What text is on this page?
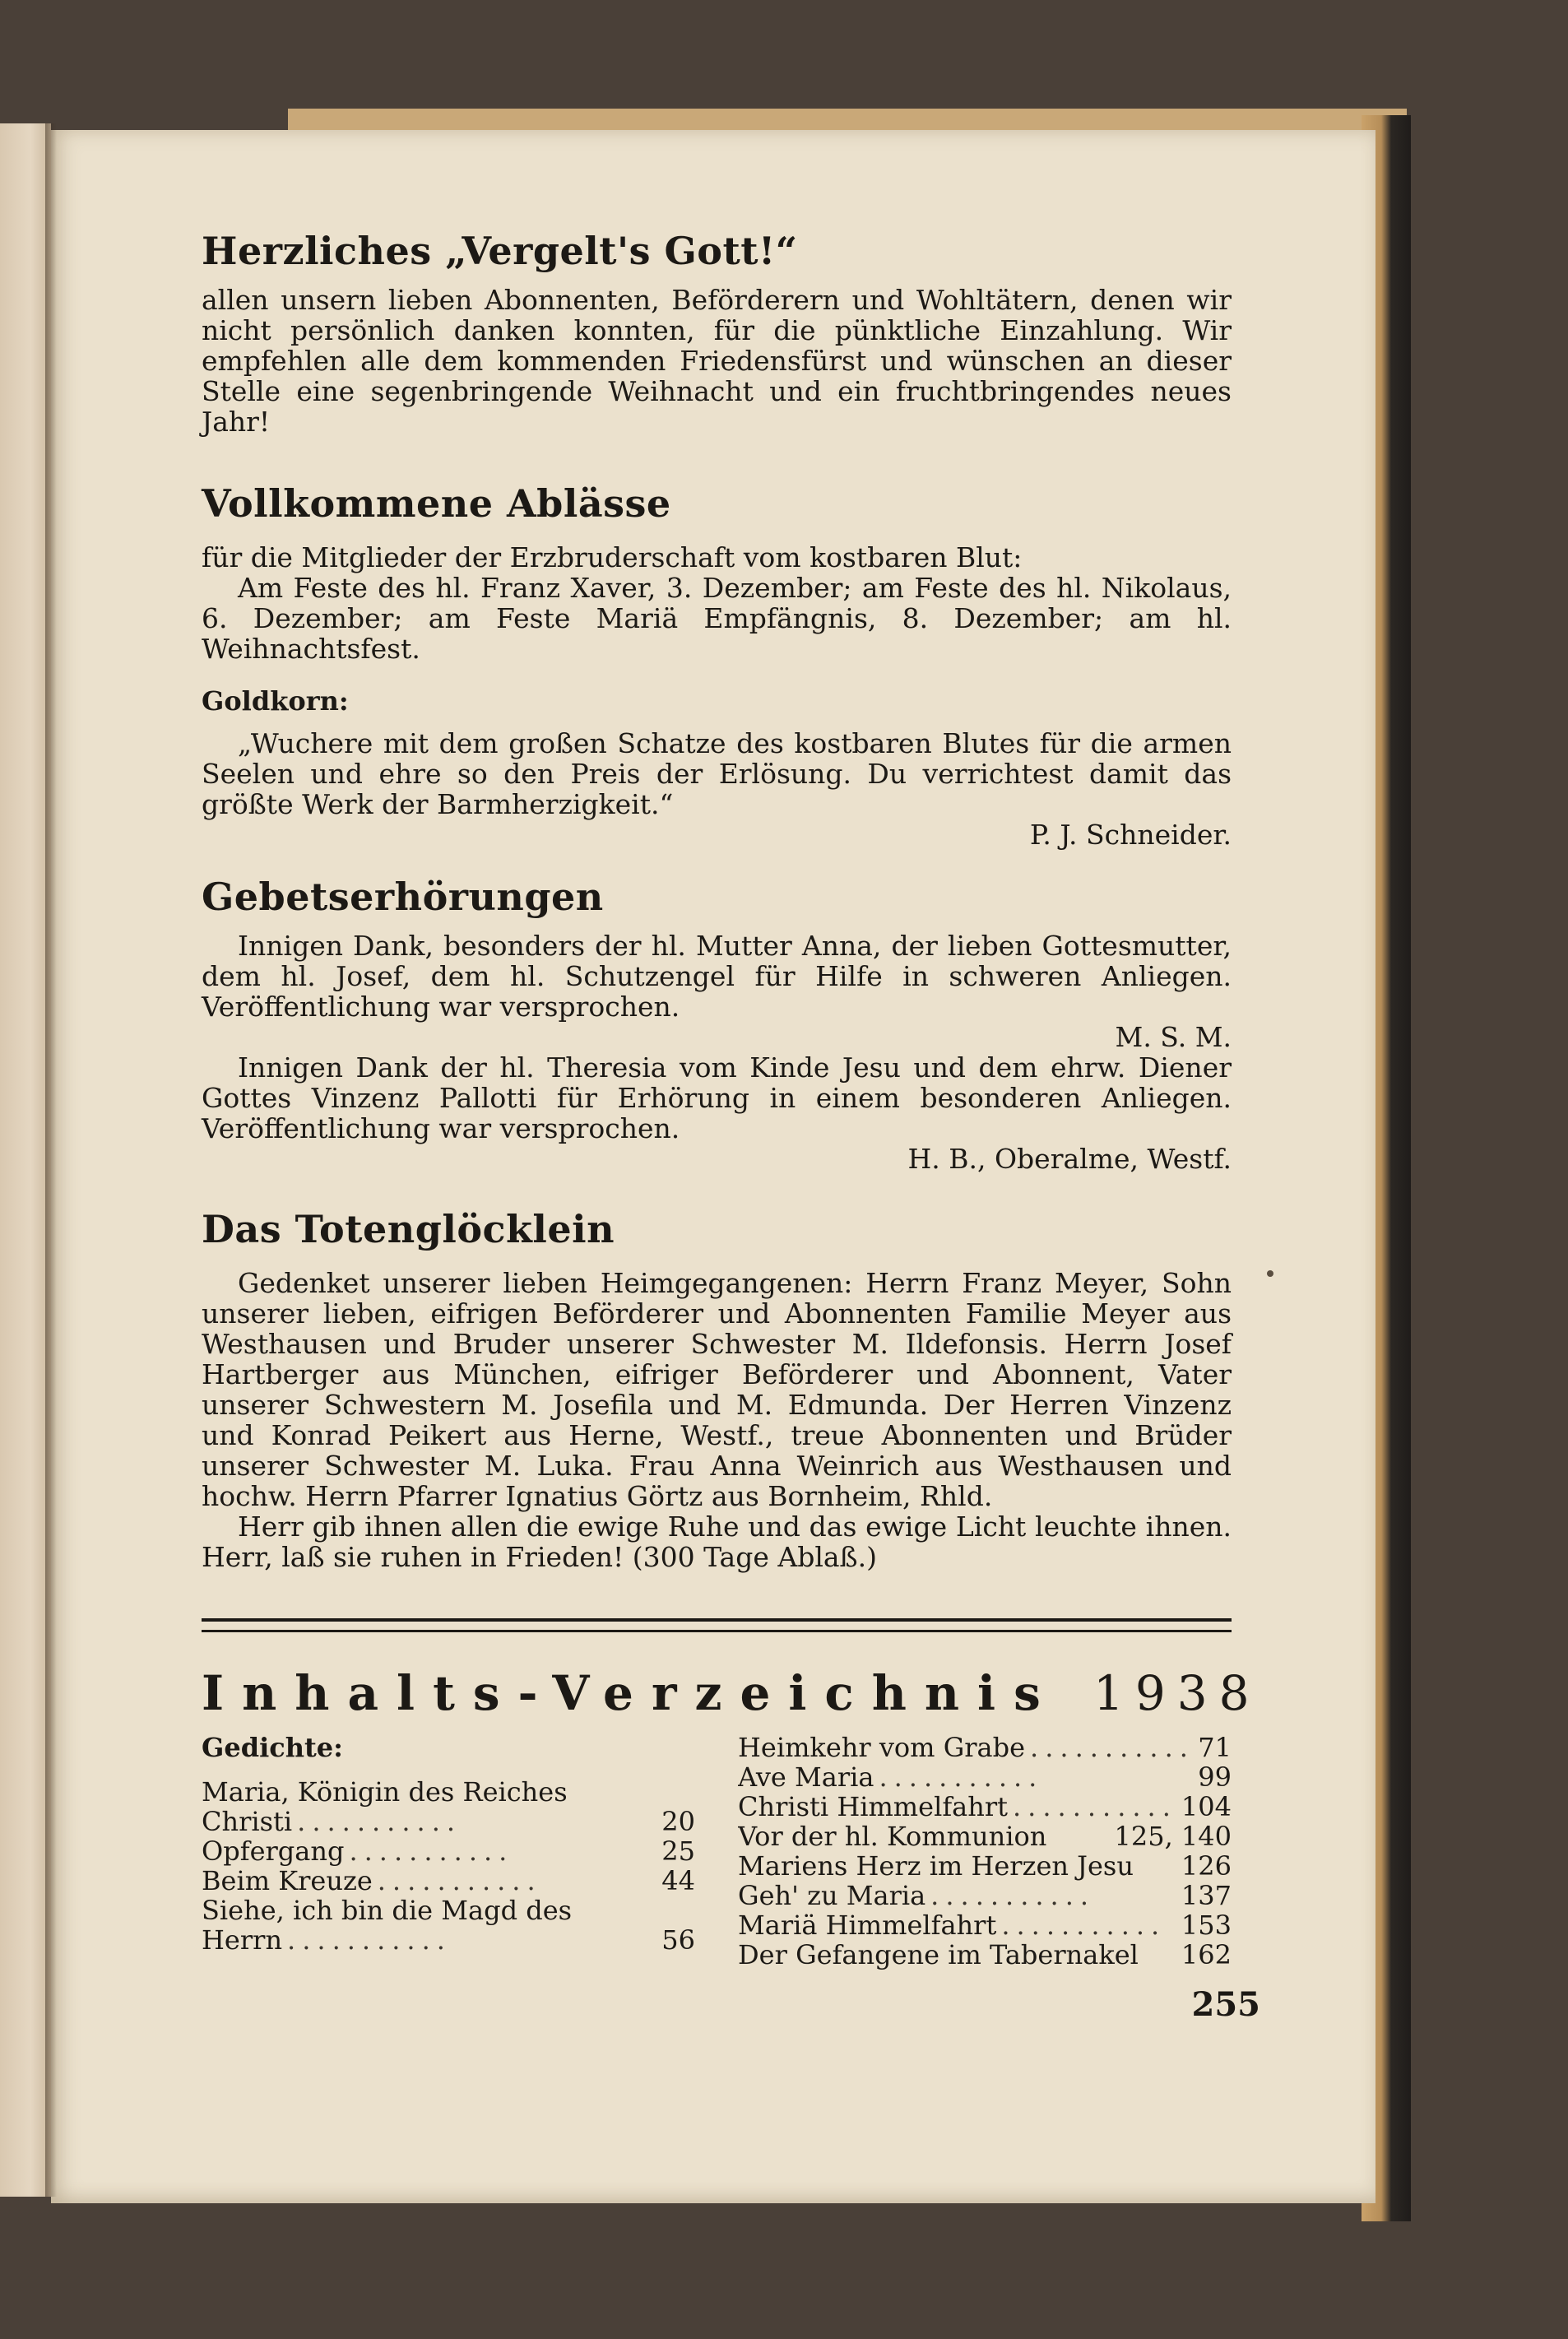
Herzliches „Vergelt's Gott!“

allen unsern lieben Abonnenten, Beförderern und Wohltätern, denen wir nicht persönlich danken konnten, für die pünktliche Einzahlung. Wir empfehlen alle dem kommenden Friedensfürst und wünschen an dieser Stelle eine segenbringende Weihnacht und ein fruchtbringendes neues Jahr!

Vollkommene Ablässe

für die Mitglieder der Erzbruderschaft vom kostbaren Blut:

Am Feste des hl. Franz Xaver, 3. Dezember; am Feste des hl. Nikolaus, 6. Dezember; am Feste Mariä Empfängnis, 8. Dezember; am hl. Weihnachtsfest.

Goldkorn:

„Wuchere mit dem großen Schatze des kostbaren Blutes für die armen Seelen und ehre so den Preis der Erlösung. Du verrichtest damit das größte Werk der Barmherzigkeit.“

P. J. Schneider.

Gebetserhörungen

Innigen Dank, besonders der hl. Mutter Anna, der lieben Gottesmutter, dem hl. Josef, dem hl. Schutzengel für Hilfe in schweren Anliegen. Veröffentlichung war versprochen.

M. S. M.

Innigen Dank der hl. Theresia vom Kinde Jesu und dem ehrw. Diener Gottes Vinzenz Pallotti für Erhörung in einem besonderen Anliegen. Veröffentlichung war versprochen.

H. B., Oberalme, Westf.

Das Totenglöcklein

Gedenket unserer lieben Heimgegangenen: Herrn Franz Meyer, Sohn unserer lieben, eifrigen Beförderer und Abonnenten Familie Meyer aus Westhausen und Bruder unserer Schwester M. Ildefonsis. Herrn Josef Hartberger aus München, eifriger Beförderer und Abonnent, Vater unserer Schwestern M. Josefila und M. Edmunda. Der Herren Vinzenz und Konrad Peikert aus Herne, Westf., treue Abonnenten und Brüder unserer Schwester M. Luka. Frau Anna Weinrich aus Westhausen und hochw. Herrn Pfarrer Ignatius Görtz aus Bornheim, Rhld.

Herr gib ihnen allen die ewige Ruhe und das ewige Licht leuchte ihnen. Herr, laß sie ruhen in Frieden! (300 Tage Ablaß.)

Inhalts-Verzeichnis 1938
Gedichte:
Maria, Königin des Reiches
Christi ...........	20
Opfergang ...........	25
Beim Kreuze ...........	44
Siehe, ich bin die Magd des
Herrn ...........	56
Heimkehr vom Grabe ........... 71
Ave Maria ...........	99
Christi Himmelfahrt ........... 104
Vor der hl. Kommunion	125, 140
Mariens Herz im Herzen Jesu 126
Geh' zu Maria ...........	137
Mariä Himmelfahrt ........... 153
Der Gefangene im Tabernakel 162
255
